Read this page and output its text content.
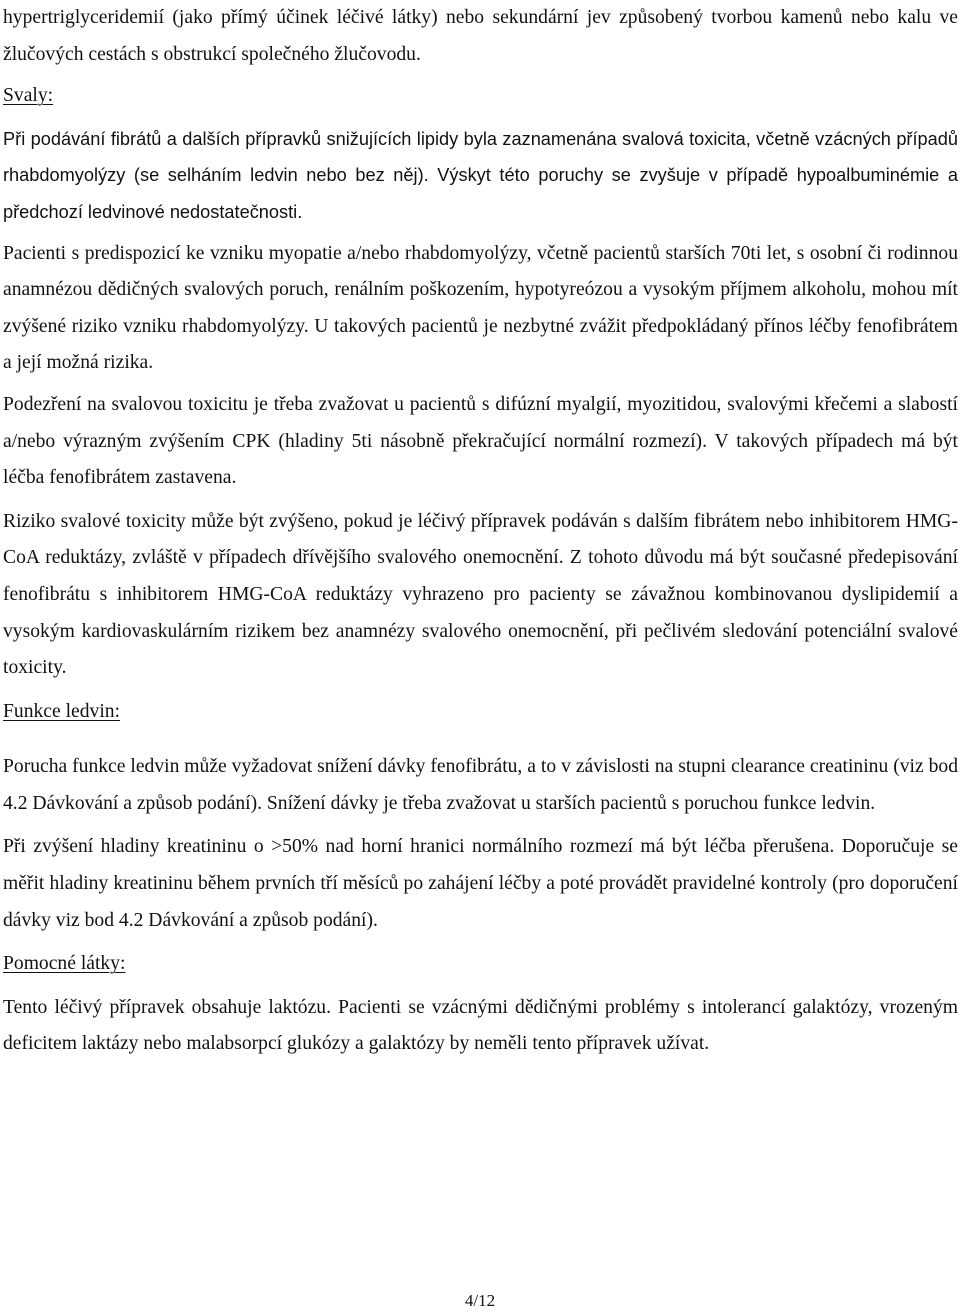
hypertriglyceridemií (jako přímý účinek léčivé látky) nebo sekundární jev způsobený tvorbou kamenů nebo kalu ve žlučových cestách s obstrukcí společného žlučovodu.

Svaly:

Při podávání fibrátů a dalších přípravků snižujících lipidy byla zaznamenána svalová toxicita, včetně vzácných případů rhabdomyolýzy (se selháním ledvin nebo bez něj). Výskyt této poruchy se zvyšuje v případě hypoalbuminémie a předchozí ledvinové nedostatečnosti.

Pacienti s predispozicí ke vzniku myopatie a/nebo rhabdomyolýzy, včetně pacientů starších 70ti let, s osobní či rodinnou anamnézou dědičných svalových poruch, renálním poškozením, hypotyreózou a vysokým příjmem alkoholu, mohou mít zvýšené riziko vzniku rhabdomyolýzy. U takových pacientů je nezbytné zvážit předpokládaný přínos léčby fenofibrátem a její možná rizika.

Podezření na svalovou toxicitu je třeba zvažovat u pacientů s difúzní myalgií, myozitidou, svalovými křečemi a slabostí a/nebo výrazným zvýšením CPK (hladiny 5ti násobně překračující normální rozmezí). V takových případech má být léčba fenofibrátem zastavena.

Riziko svalové toxicity může být zvýšeno, pokud je léčivý přípravek podáván s dalším fibrátem nebo inhibitorem HMG-CoA reduktázy, zvláště v případech dřívějšího svalového onemocnění. Z tohoto důvodu má být současné předepisování fenofibrátu s inhibitorem HMG-CoA reduktázy vyhrazeno pro pacienty se závažnou kombinovanou dyslipidemií a vysokým kardiovaskulárním rizikem bez anamnézy svalového onemocnění, při pečlivém sledování potenciální svalové toxicity.

Funkce ledvin:

Porucha funkce ledvin může vyžadovat snížení dávky fenofibrátu, a to v závislosti na stupni clearance creatininu (viz bod 4.2 Dávkování a způsob podání). Snížení dávky je třeba zvažovat u starších pacientů s poruchou funkce ledvin.

Při zvýšení hladiny kreatininu o >50% nad horní hranici normálního rozmezí má být léčba přerušena. Doporučuje se měřit hladiny kreatininu během prvních tří měsíců po zahájení léčby a poté provádět pravidelné kontroly (pro doporučení dávky viz bod 4.2 Dávkování a způsob podání).

Pomocné látky:

Tento léčivý přípravek obsahuje laktózu. Pacienti se vzácnými dědičnými problémy s intolerancí galaktózy, vrozeným deficitem laktázy nebo malabsorpcí glukózy a galaktózy by neměli tento přípravek užívat.

4/12
